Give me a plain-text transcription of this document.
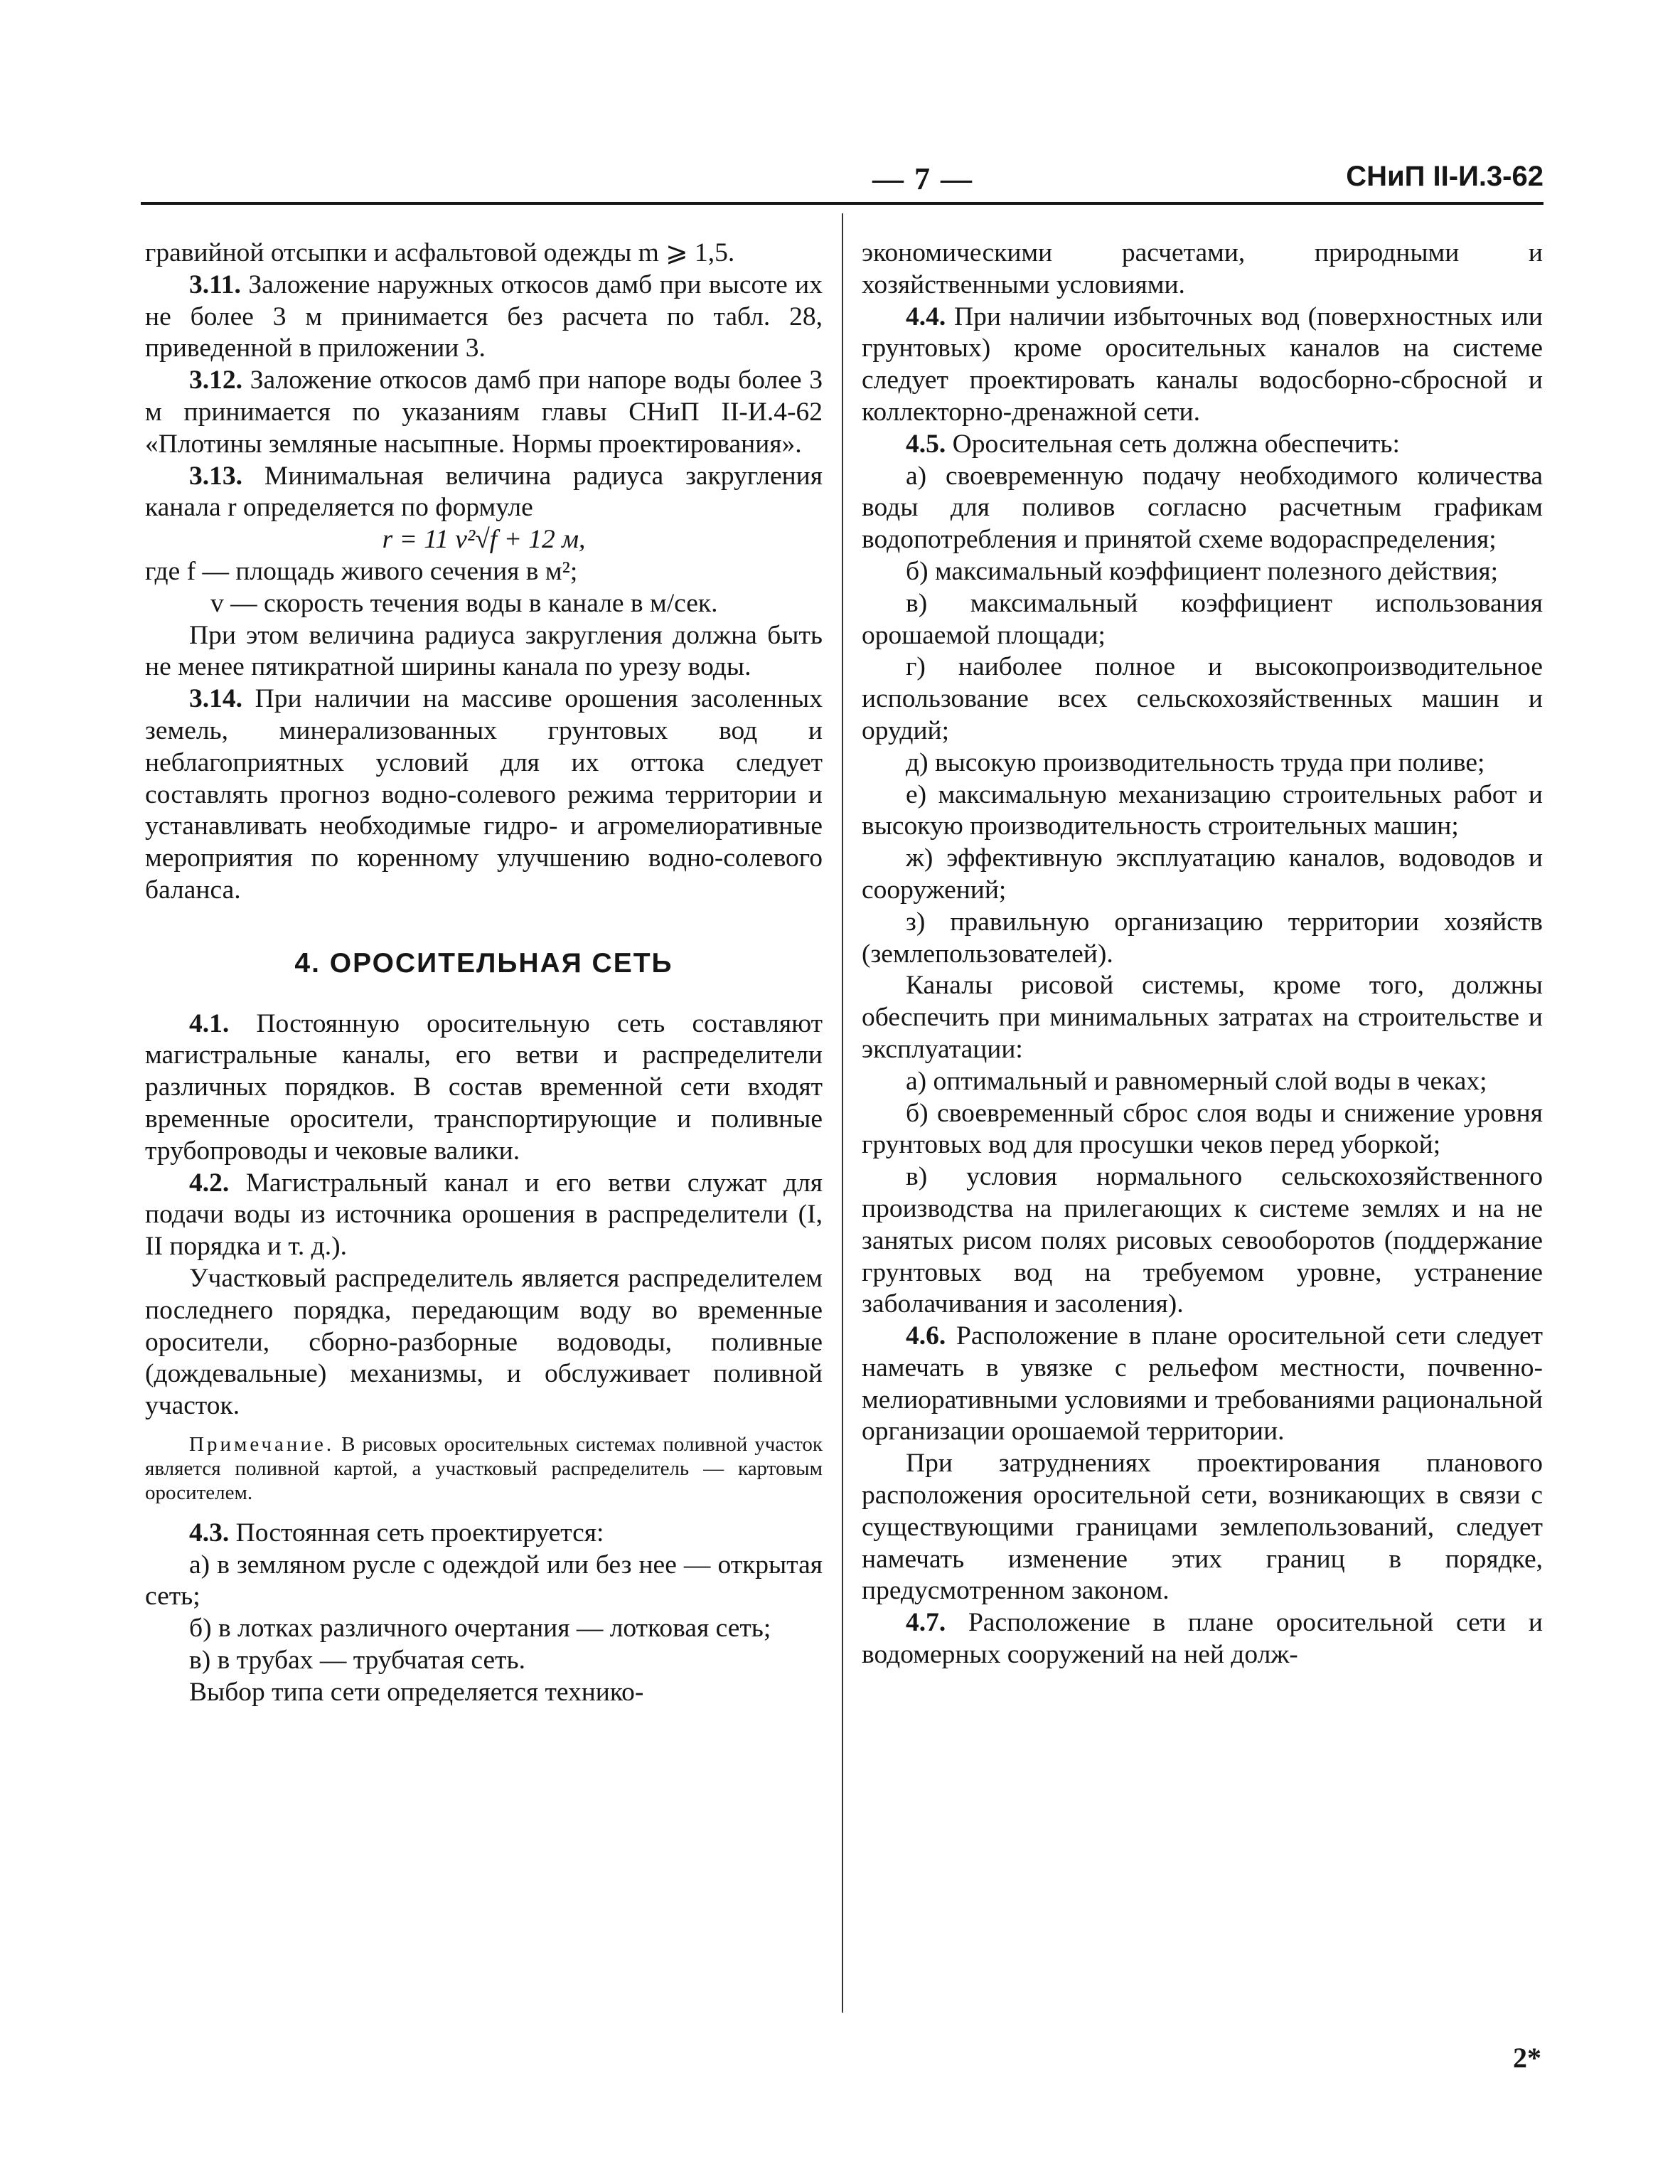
— 7 —	СНиП II-И.3-62

гравийной отсыпки и асфальтовой одежды m ⩾ 1,5.

3.11. Заложение наружных откосов дамб при высоте их не более 3 м принимается без расчета по табл. 28, приведенной в приложении 3.

3.12. Заложение откосов дамб при напоре воды более 3 м принимается по указаниям главы СНиП II-И.4-62 «Плотины земляные насыпные. Нормы проектирования».

3.13. Минимальная величина радиуса закругления канала r определяется по формуле

r = 11 v²√f + 12 м,

где f — площадь живого сечения в м²;

v — скорость течения воды в канале в м/сек.

При этом величина радиуса закругления должна быть не менее пятикратной ширины канала по урезу воды.

3.14. При наличии на массиве орошения засоленных земель, минерализованных грунтовых вод и неблагоприятных условий для их оттока следует составлять прогноз водно-солевого режима территории и устанавливать необходимые гидро- и агромелиоративные мероприятия по коренному улучшению водно-солевого баланса.

4. ОРОСИТЕЛЬНАЯ СЕТЬ

4.1. Постоянную оросительную сеть составляют магистральные каналы, его ветви и распределители различных порядков. В состав временной сети входят временные оросители, транспортирующие и поливные трубопроводы и чековые валики.

4.2. Магистральный канал и его ветви служат для подачи воды из источника орошения в распределители (I, II порядка и т. д.).

Участковый распределитель является распределителем последнего порядка, передающим воду во временные оросители, сборно-разборные водоводы, поливные (дождевальные) механизмы, и обслуживает поливной участок.

Примечание. В рисовых оросительных системах поливной участок является поливной картой, а участковый распределитель — картовым оросителем.

4.3. Постоянная сеть проектируется:

а) в земляном русле с одеждой или без нее — открытая сеть;

б) в лотках различного очертания — лотковая сеть;

в) в трубах — трубчатая сеть.

Выбор типа сети определяется технико-

экономическими расчетами, природными и хозяйственными условиями.

4.4. При наличии избыточных вод (поверхностных или грунтовых) кроме оросительных каналов на системе следует проектировать каналы водосборно-сбросной и коллекторно-дренажной сети.

4.5. Оросительная сеть должна обеспечить:

а) своевременную подачу необходимого количества воды для поливов согласно расчетным графикам водопотребления и принятой схеме водораспределения;

б) максимальный коэффициент полезного действия;

в) максимальный коэффициент использования орошаемой площади;

г) наиболее полное и высокопроизводительное использование всех сельскохозяйственных машин и орудий;

д) высокую производительность труда при поливе;

е) максимальную механизацию строительных работ и высокую производительность строительных машин;

ж) эффективную эксплуатацию каналов, водоводов и сооружений;

з) правильную организацию территории хозяйств (землепользователей).

Каналы рисовой системы, кроме того, должны обеспечить при минимальных затратах на строительстве и эксплуатации:

а) оптимальный и равномерный слой воды в чеках;

б) своевременный сброс слоя воды и снижение уровня грунтовых вод для просушки чеков перед уборкой;

в) условия нормального сельскохозяйственного производства на прилегающих к системе землях и на не занятых рисом полях рисовых севооборотов (поддержание грунтовых вод на требуемом уровне, устранение заболачивания и засоления).

4.6. Расположение в плане оросительной сети следует намечать в увязке с рельефом местности, почвенно-мелиоративными условиями и требованиями рациональной организации орошаемой территории.

При затруднениях проектирования планового расположения оросительной сети, возникающих в связи с существующими границами землепользований, следует намечать изменение этих границ в порядке, предусмотренном законом.

4.7. Расположение в плане оросительной сети и водомерных сооружений на ней долж-

2*
